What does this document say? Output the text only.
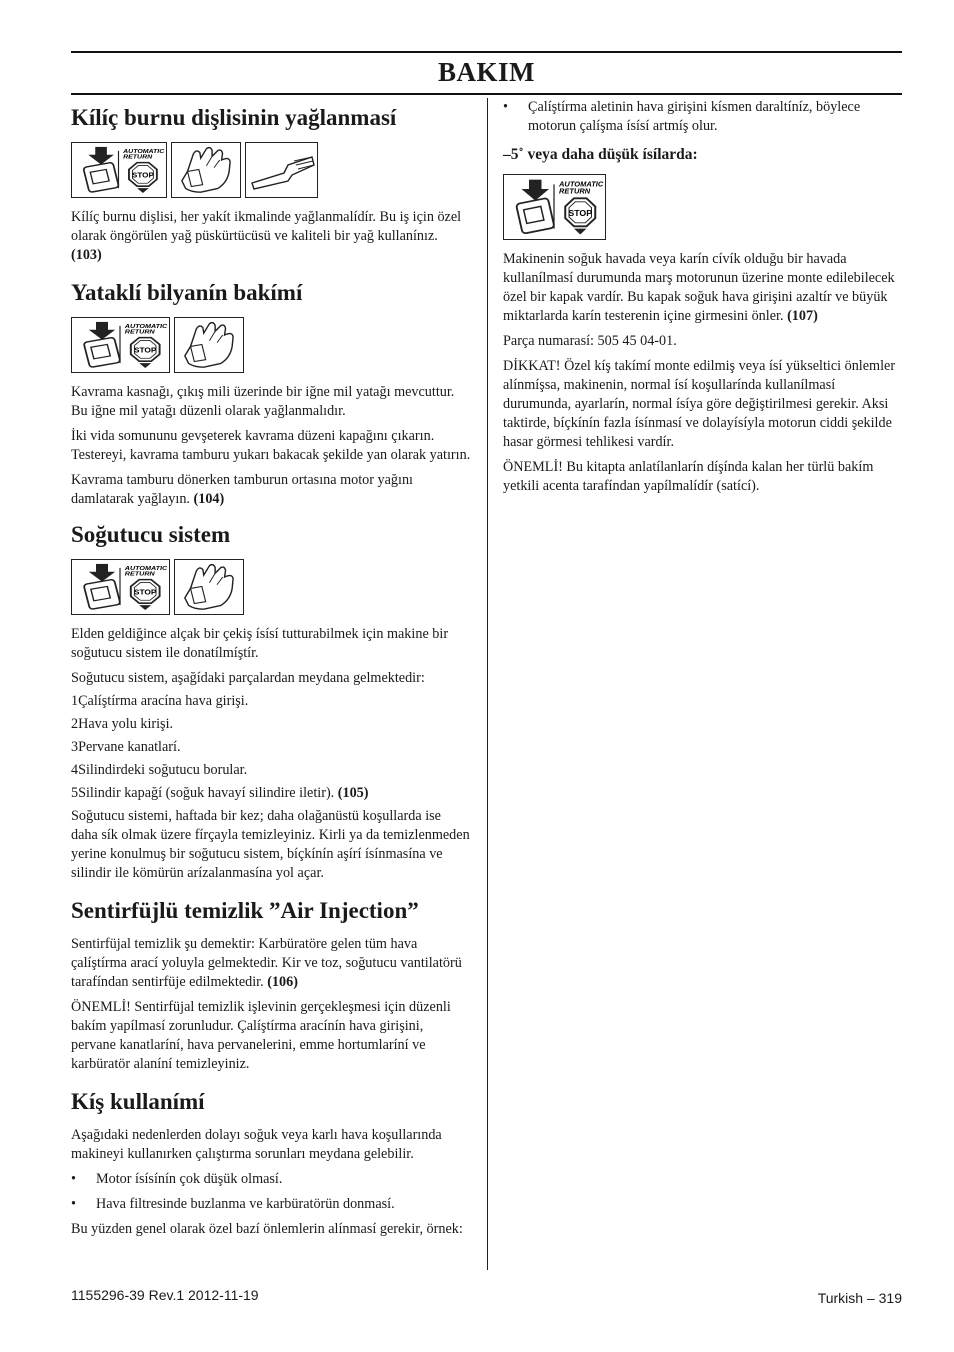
BAKIM
Kílíç burnu dişlisinin yağlanmasí
AUTOMATIC
RETURN
STOP

Kílíç burnu dişlisi, her yakít ikmalinde yağlanmalídír. Bu iş için özel olarak öngörülen yağ püskürtücüsü ve kaliteli bir yağ kullanínız. (103)

Yataklí bilyanín bakímí
AUTOMATIC
RETURN
STOP

Kavrama kasnağı, çıkış mili üzerinde bir iğne mil yatağı mevcuttur. Bu iğne mil yatağı düzenli olarak yağlanmalıdır.

İki vida somununu gevşeterek kavrama düzeni kapağını çıkarın. Testereyi, kavrama tamburu yukarı bakacak şekilde yan olarak yatırın.

Kavrama tamburu dönerken tamburun ortasına motor yağını damlatarak yağlayın. (104)

Soğutucu sistem
AUTOMATIC
RETURN
STOP

Elden geldiğince alçak bir çekiş ísísí tutturabilmek için makine bir soğutucu sistem ile donatílmíştír.

Soğutucu sistem, aşağídaki parçalardan meydana gelmektedir:

1Çalíştírma aracína hava girişi.

2Hava yolu kirişi.

3Pervane kanatlarí.

4Silindirdeki soğutucu borular.

5Silindir kapağí (soğuk havayí silindire iletir). (105)

Soğutucu sistemi, haftada bir kez; daha olağanüstü koşullarda ise daha sík olmak üzere fírçayla temizleyiniz. Kirli ya da temizlenmeden yerine konulmuş bir soğutucu sistem, bíçkínín aşírí ísínmasína ve silindir ile kömürün arízalanmasína yol açar.

Sentirfüjlü temizlik ”Air Injection”

Sentirfüjal temizlik şu demektir: Karbüratöre gelen tüm hava çalíştírma arací yoluyla gelmektedir. Kir ve toz, soğutucu vantilatörü tarafíndan sentirfüje edilmektedir. (106)

ÖNEMLİ! Sentirfüjal temizlik işlevinin gerçekleşmesi için düzenli bakím yapílmasí zorunludur. Çalíştírma aracínín hava girişini, pervane kanatlaríní, hava pervanelerini, emme hortumlaríní ve karbüratör alaníní temizleyiniz.

Kíş kullanímí

Aşağıdaki nedenlerden dolayı soğuk veya karlı hava koşullarında makineyi kullanırken çalıştırma sorunları meydana gelebilir.

•	Motor ísísínín çok düşük olmasí.
•	Hava filtresinde buzlanma ve karbüratörün donmasí.

Bu yüzden genel olarak özel bazí önlemlerin alínmasí gerekir, örnek:

•	Çalíştírma aletinin hava girişini kísmen daraltíníz, böylece motorun çalíşma ísísí artmíş olur.
–5˚ veya daha düşük ísílarda:
AUTOMATIC
RETURN
STOP

Makinenin soğuk havada veya karín cívík olduğu bir havada kullanílmasí durumunda marş motorunun üzerine monte edilebilecek özel bir kapak vardír. Bu kapak soğuk hava girişini azaltír ve büyük miktarlarda karín testerenin içine girmesini önler. (107)

Parça numarasí: 505 45 04-01.

DİKKAT! Özel kíş takímí monte edilmiş veya ísí yükseltici önlemler alínmíşsa, makinenin, normal ísí koşullarínda kullanílmasí durumunda, ayarlarín, normal ísíya göre değiştirilmesi gerekir. Aksi taktirde, bíçkínín fazla ísínmasí ve dolayísíyla motorun ciddi şekilde hasar görmesi tehlikesi vardír.

ÖNEMLİ! Bu kitapta anlatílanlarín díşínda kalan her türlü bakím yetkili acenta tarafíndan yapílmalídír (satící).

1155296-39 Rev.1 2012-11-19	Turkish – 319
